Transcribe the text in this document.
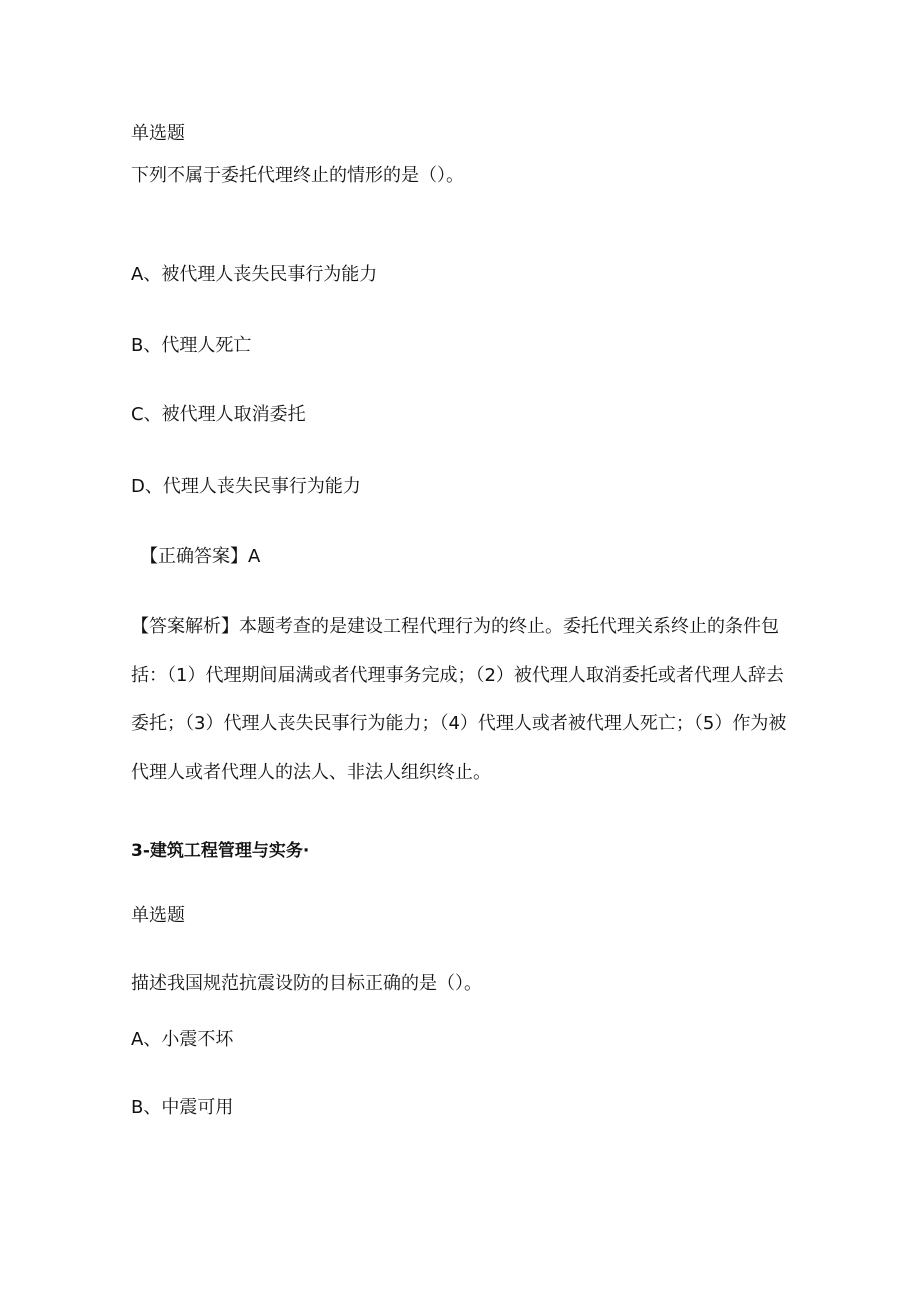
单选题
下列不属于委托代理终止的情形的是（）。
A、被代理人丧失民事行为能力
B、代理人死亡
C、被代理人取消委托
D、代理人丧失民事行为能力
【正确答案】A
【答案解析】本题考查的是建设工程代理行为的终止。委托代理关系终止的条件包括：（1）代理期间届满或者代理事务完成；（2）被代理人取消委托或者代理人辞去委托；（3）代理人丧失民事行为能力；（4）代理人或者被代理人死亡；（5）作为被代理人或者代理人的法人、非法人组织终止。
3-建筑工程管理与实务·
单选题
描述我国规范抗震设防的目标正确的是（）。
A、小震不坏
B、中震可用
